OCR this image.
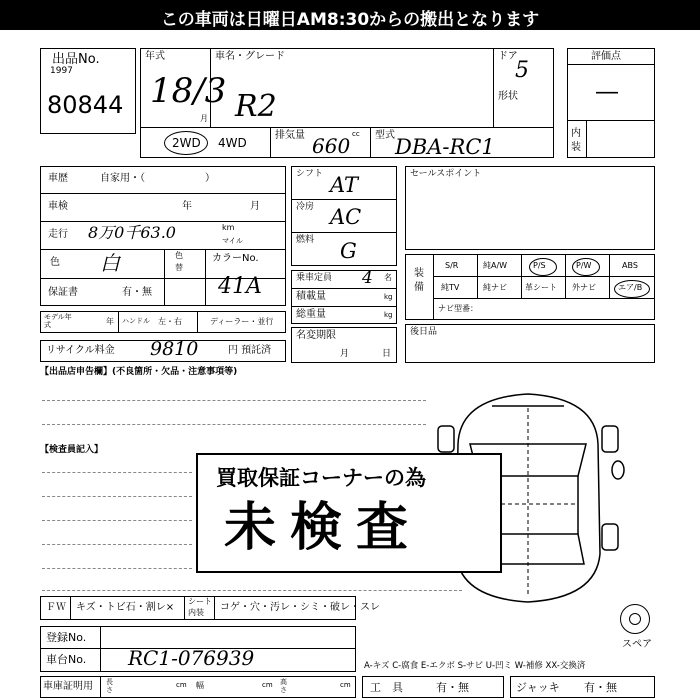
この車両は日曜日AM8:30からの搬出となります
出品No.
1997
80844
年式
18/3
月
車名・グレード
R2
ドア
5
形状
2WD 4WD
排気量	cc
660 型式 DBA-RC1
評価点
―
内装
車歴	自家用・（　　　　　　）
車検	年	月
走行 8万0千63.0	km
マイル
色 白	色
替
カラーNo.
41A
保証書	有・無
モデル年式	年 ハンドル 左・右	ディーラー・並行
リサイクル料金 9810	円 預託済
シフト AT
冷房 AC
燃料 G
乗車定員 4 名
積載量	kg
総重量	kg
名変期限
月	日
セールスポイント
装備
S/R	純A/W	P/S	P/W	ABS
純TV	純ナビ 革シート 外ナビ	エア/B
ナビ型番：
後日品
【出品店申告欄】(不良箇所・欠品・注意事項等)
【検査員記入】
買取保証コーナーの為
未検査
スペア
ＦＷ キズ・トビ石・割レ×
シート
内装 コゲ・穴・汚レ・シミ・破レ・スレ
登録No.
車台No. RC1-076939
車庫証明用 長さ
cm 幅	cm 高さ
cm
A-キズ C-腐食 E-エクボ S-サビ U-凹ミ W-補修 XX-交換済
工　具	有・無	ジャッキ 有・無
